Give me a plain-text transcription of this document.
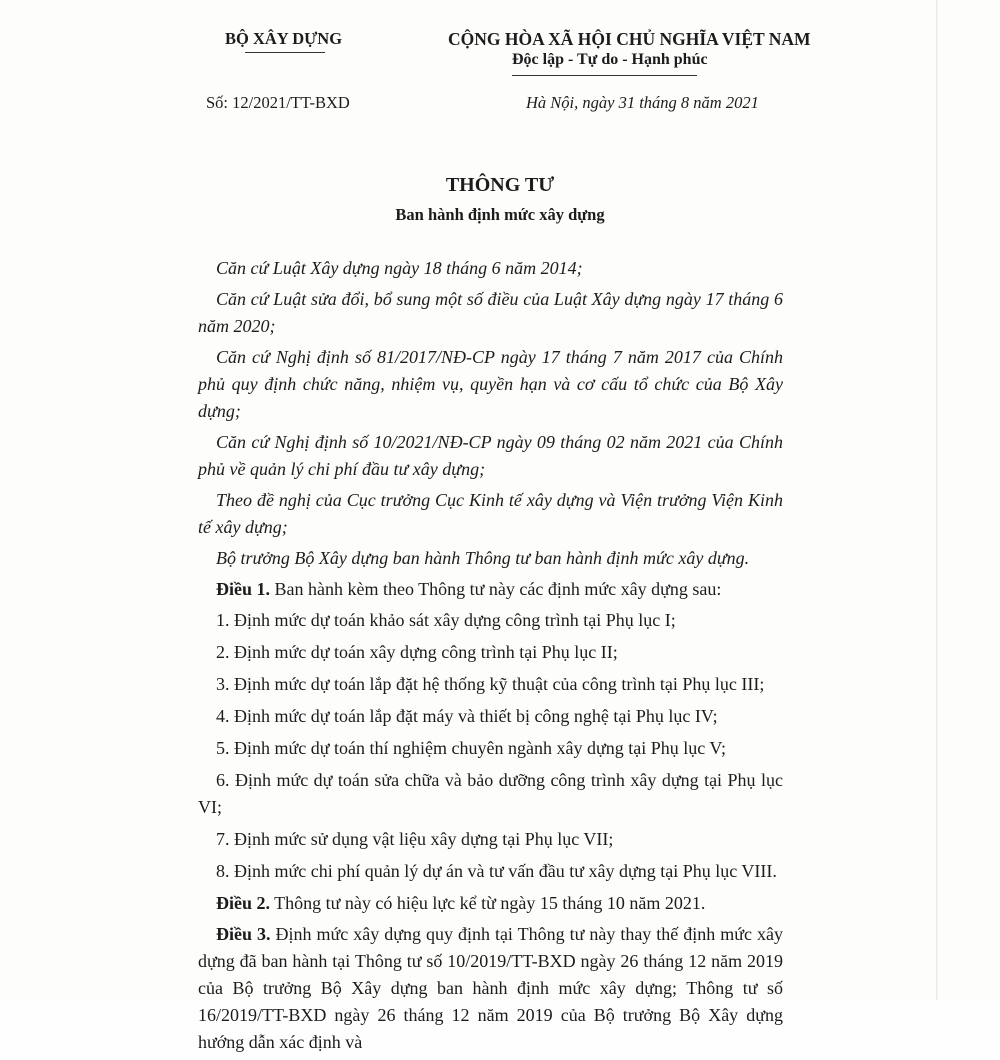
BỘ XÂY DỰNG	CỘNG HÒA XÃ HỘI CHỦ NGHĨA VIỆT NAM
Độc lập - Tự do - Hạnh phúc
Số: 12/2021/TT-BXD	Hà Nội, ngày 31 tháng 8 năm 2021
THÔNG TƯ
Ban hành định mức xây dựng

Căn cứ Luật Xây dựng ngày 18 tháng 6 năm 2014;

Căn cứ Luật sửa đổi, bổ sung một số điều của Luật Xây dựng ngày 17 tháng 6 năm 2020;

Căn cứ Nghị định số 81/2017/NĐ-CP ngày 17 tháng 7 năm 2017 của Chính phủ quy định chức năng, nhiệm vụ, quyền hạn và cơ cấu tổ chức của Bộ Xây dựng;

Căn cứ Nghị định số 10/2021/NĐ-CP ngày 09 tháng 02 năm 2021 của Chính phủ về quản lý chi phí đầu tư xây dựng;

Theo đề nghị của Cục trưởng Cục Kinh tế xây dựng và Viện trưởng Viện Kinh tế xây dựng;

Bộ trưởng Bộ Xây dựng ban hành Thông tư ban hành định mức xây dựng.

Điều 1. Ban hành kèm theo Thông tư này các định mức xây dựng sau:

1. Định mức dự toán khảo sát xây dựng công trình tại Phụ lục I;

2. Định mức dự toán xây dựng công trình tại Phụ lục II;

3. Định mức dự toán lắp đặt hệ thống kỹ thuật của công trình tại Phụ lục III;

4. Định mức dự toán lắp đặt máy và thiết bị công nghệ tại Phụ lục IV;

5. Định mức dự toán thí nghiệm chuyên ngành xây dựng tại Phụ lục V;

6. Định mức dự toán sửa chữa và bảo dưỡng công trình xây dựng tại Phụ lục VI;

7. Định mức sử dụng vật liệu xây dựng tại Phụ lục VII;

8. Định mức chi phí quản lý dự án và tư vấn đầu tư xây dựng tại Phụ lục VIII.

Điều 2. Thông tư này có hiệu lực kể từ ngày 15 tháng 10 năm 2021.

Điều 3. Định mức xây dựng quy định tại Thông tư này thay thế định mức xây dựng đã ban hành tại Thông tư số 10/2019/TT-BXD ngày 26 tháng 12 năm 2019 của Bộ trưởng Bộ Xây dựng ban hành định mức xây dựng; Thông tư số 16/2019/TT-BXD ngày 26 tháng 12 năm 2019 của Bộ trưởng Bộ Xây dựng hướng dẫn xác định và
